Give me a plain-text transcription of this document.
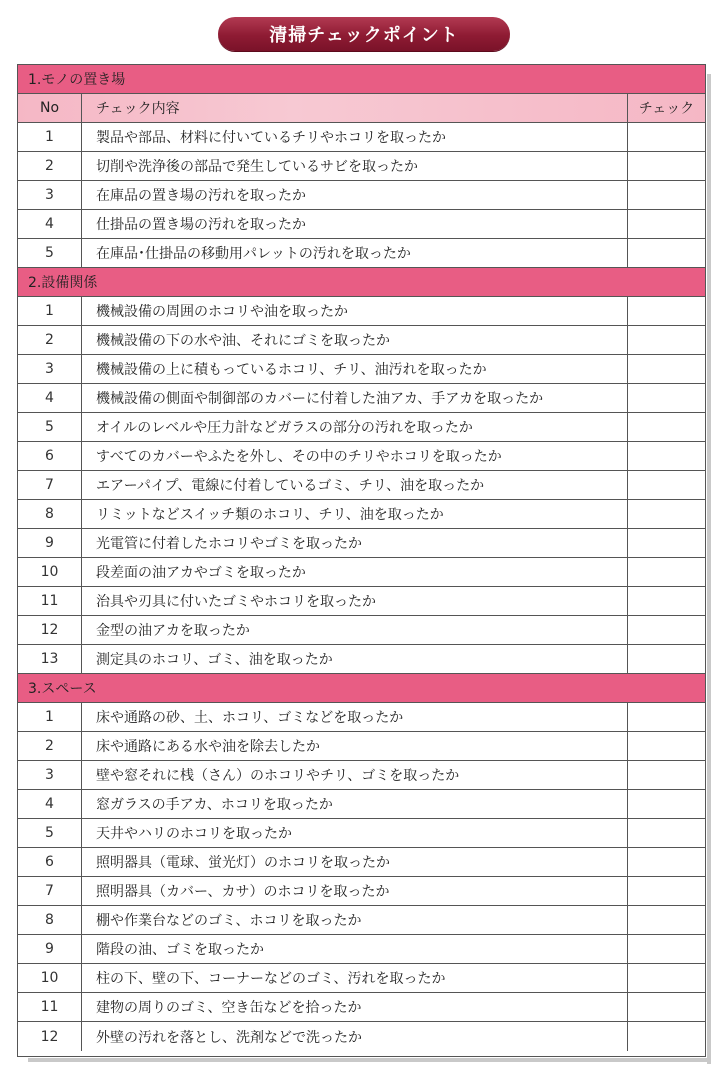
清掃チェックポイント
1.モノの置き場
No	チェック内容	チェック
1	製品や部品、材料に付いているチリやホコリを取ったか
2	切削や洗浄後の部品で発生しているサビを取ったか
3	在庫品の置き場の汚れを取ったか
4	仕掛品の置き場の汚れを取ったか
5	在庫品･仕掛品の移動用パレットの汚れを取ったか
2.設備関係
1	機械設備の周囲のホコリや油を取ったか
2	機械設備の下の水や油、それにゴミを取ったか
3	機械設備の上に積もっているホコリ、チリ、油汚れを取ったか
4	機械設備の側面や制御部のカバーに付着した油アカ、手アカを取ったか
5	オイルのレベルや圧力計などガラスの部分の汚れを取ったか
6	すべてのカバーやふたを外し、その中のチリやホコリを取ったか
7	エアーパイプ、電線に付着しているゴミ、チリ、油を取ったか
8	リミットなどスイッチ類のホコリ、チリ、油を取ったか
9	光電管に付着したホコリやゴミを取ったか
10	段差面の油アカやゴミを取ったか
11	治具や刃具に付いたゴミやホコリを取ったか
12	金型の油アカを取ったか
13	測定具のホコリ、ゴミ、油を取ったか
3.スペース
1	床や通路の砂、土、ホコリ、ゴミなどを取ったか
2	床や通路にある水や油を除去したか
3	壁や窓それに桟（さん）のホコリやチリ、ゴミを取ったか
4	窓ガラスの手アカ、ホコリを取ったか
5	天井やハリのホコリを取ったか
6	照明器具（電球、蛍光灯）のホコリを取ったか
7	照明器具（カバー、カサ）のホコリを取ったか
8	棚や作業台などのゴミ、ホコリを取ったか
9	階段の油、ゴミを取ったか
10	柱の下、壁の下、コーナーなどのゴミ、汚れを取ったか
11	建物の周りのゴミ、空き缶などを拾ったか
12	外壁の汚れを落とし、洗剤などで洗ったか
